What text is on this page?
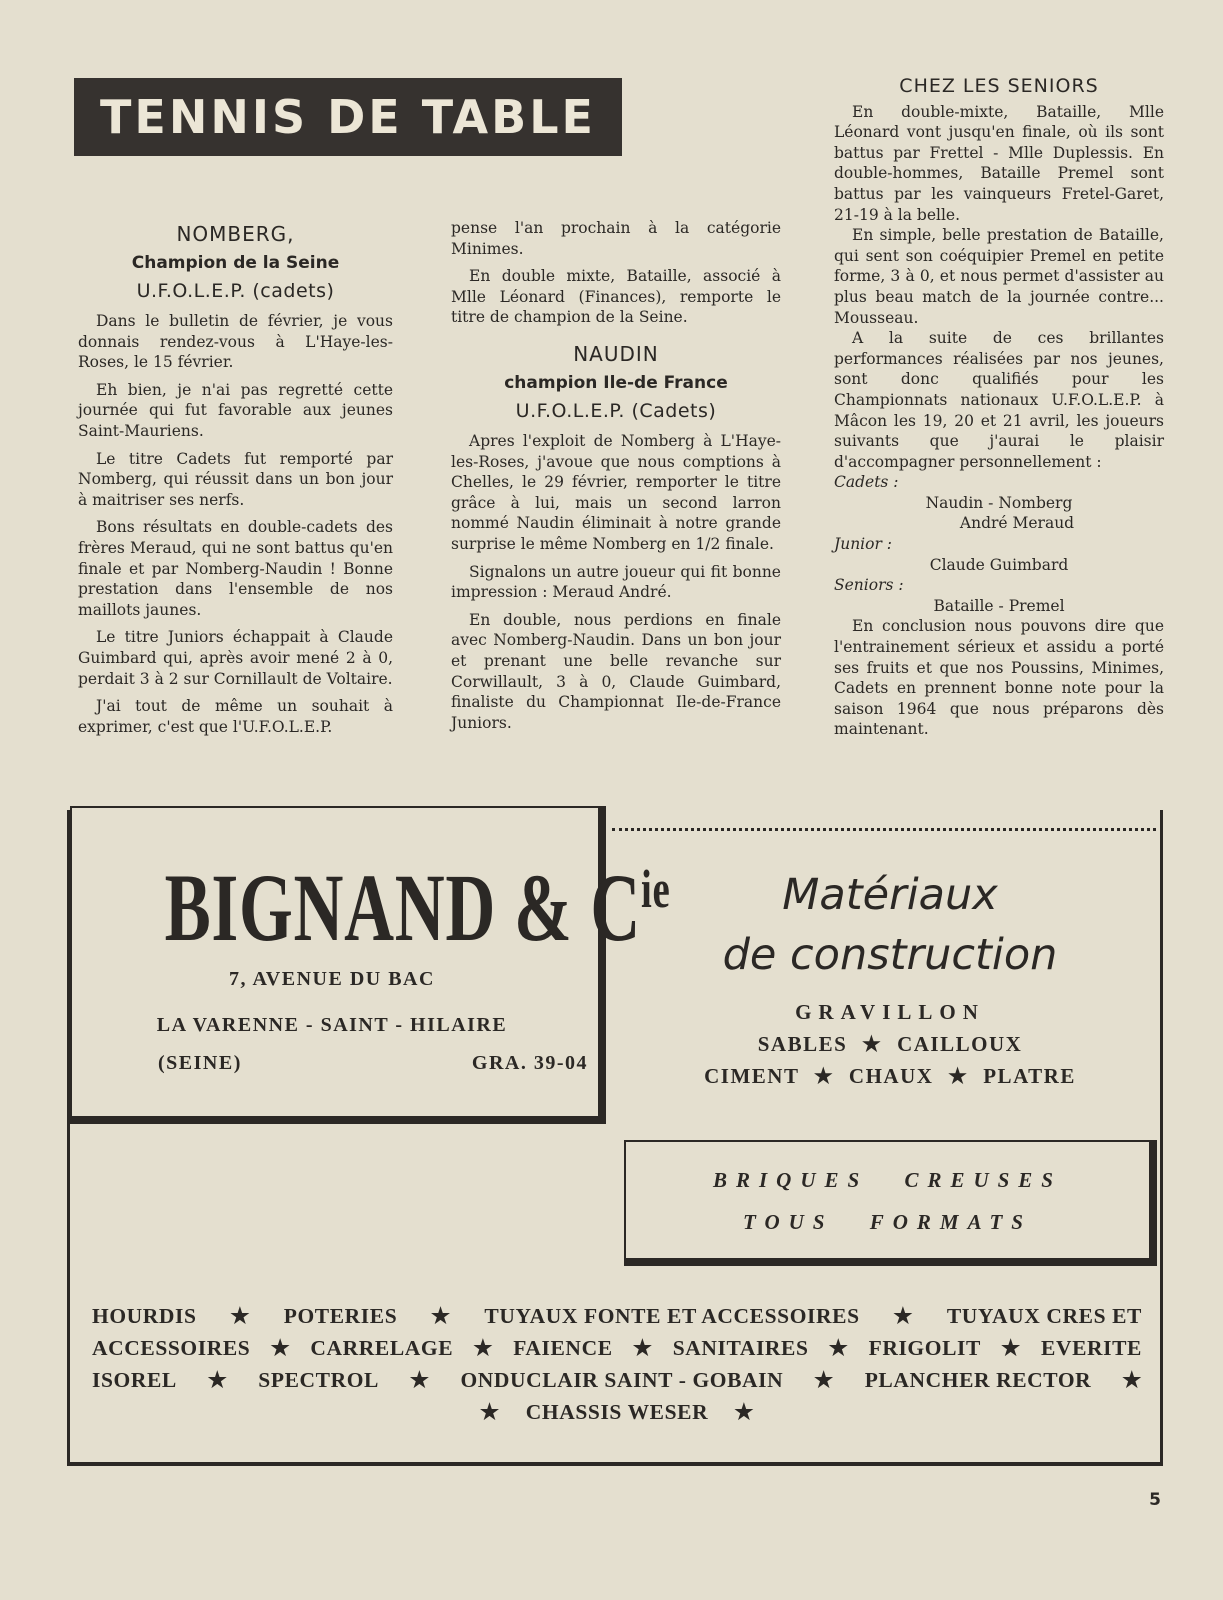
TENNIS DE TABLE
NOMBERG,
Champion de la Seine
U.F.O.L.E.P. (cadets)

Dans le bulletin de février, je vous donnais rendez-vous à L'Haye-les-Roses, le 15 février.

Eh bien, je n'ai pas regretté cette journée qui fut favorable aux jeunes Saint-Mauriens.

Le titre Cadets fut remporté par Nomberg, qui réussit dans un bon jour à maitriser ses nerfs.

Bons résultats en double-cadets des frères Meraud, qui ne sont battus qu'en finale et par Nomberg-Naudin ! Bonne prestation dans l'ensemble de nos maillots jaunes.

Le titre Juniors échappait à Claude Guimbard qui, après avoir mené 2 à 0, perdait 3 à 2 sur Cornillault de Voltaire.

J'ai tout de même un souhait à exprimer, c'est que l'U.F.O.L.E.P.

pense l'an prochain à la catégorie Minimes.

En double mixte, Bataille, associé à Mlle Léonard (Finances), remporte le titre de champion de la Seine.

NAUDIN
champion Ile-de France
U.F.O.L.E.P. (Cadets)

Apres l'exploit de Nomberg à L'Haye-les-Roses, j'avoue que nous comptions à Chelles, le 29 février, remporter le titre grâce à lui, mais un second larron nommé Naudin éliminait à notre grande surprise le même Nomberg en 1/2 finale.

Signalons un autre joueur qui fit bonne impression : Meraud André.

En double, nous perdions en finale avec Nomberg-Naudin. Dans un bon jour et prenant une belle revanche sur Corwillault, 3 à 0, Claude Guimbard, finaliste du Championnat Ile-de-France Juniors.

CHEZ LES SENIORS

En double-mixte, Bataille, Mlle Léonard vont jusqu'en finale, où ils sont battus par Frettel - Mlle Duplessis. En double-hommes, Bataille Premel sont battus par les vainqueurs Fretel-Garet, 21-19 à la belle.

En simple, belle prestation de Bataille, qui sent son coéquipier Premel en petite forme, 3 à 0, et nous permet d'assister au plus beau match de la journée contre... Mousseau.

A la suite de ces brillantes performances réalisées par nos jeunes, sont donc qualifiés pour les Championnats nationaux U.F.O.L.E.P. à Mâcon les 19, 20 et 21 avril, les joueurs suivants que j'aurai le plaisir d'accompagner personnellement :

Cadets :

Naudin - Nomberg

André Meraud

Junior :

Claude Guimbard

Seniors :

Bataille - Premel

En conclusion nous pouvons dire que l'entrainement sérieux et assidu a porté ses fruits et que nos Poussins, Minimes, Cadets en prennent bonne note pour la saison 1964 que nous préparons dès maintenant.

BIGNAND & $C^{ie}$
7, AVENUE DU BAC
LA VARENNE - SAINT - HILAIRE
(SEINE)	GRA. 39-04
Matériaux
de construction
GRAVILLON
SABLES ★ CAILLOUX
CIMENT ★ CHAUX ★ PLATRE
BRIQUES CREUSES
TOUS FORMATS
HOURDIS ★ POTERIES ★ TUYAUX FONTE ET ACCESSOIRES ★ TUYAUX CRES ET
ACCESSOIRES ★ CARRELAGE ★ FAIENCE ★ SANITAIRES ★ FRIGOLIT ★ EVERITE
ISOREL ★ SPECTROL ★ ONDUCLAIR SAINT - GOBAIN ★ PLANCHER RECTOR ★
★ CHASSIS WESER ★
5
